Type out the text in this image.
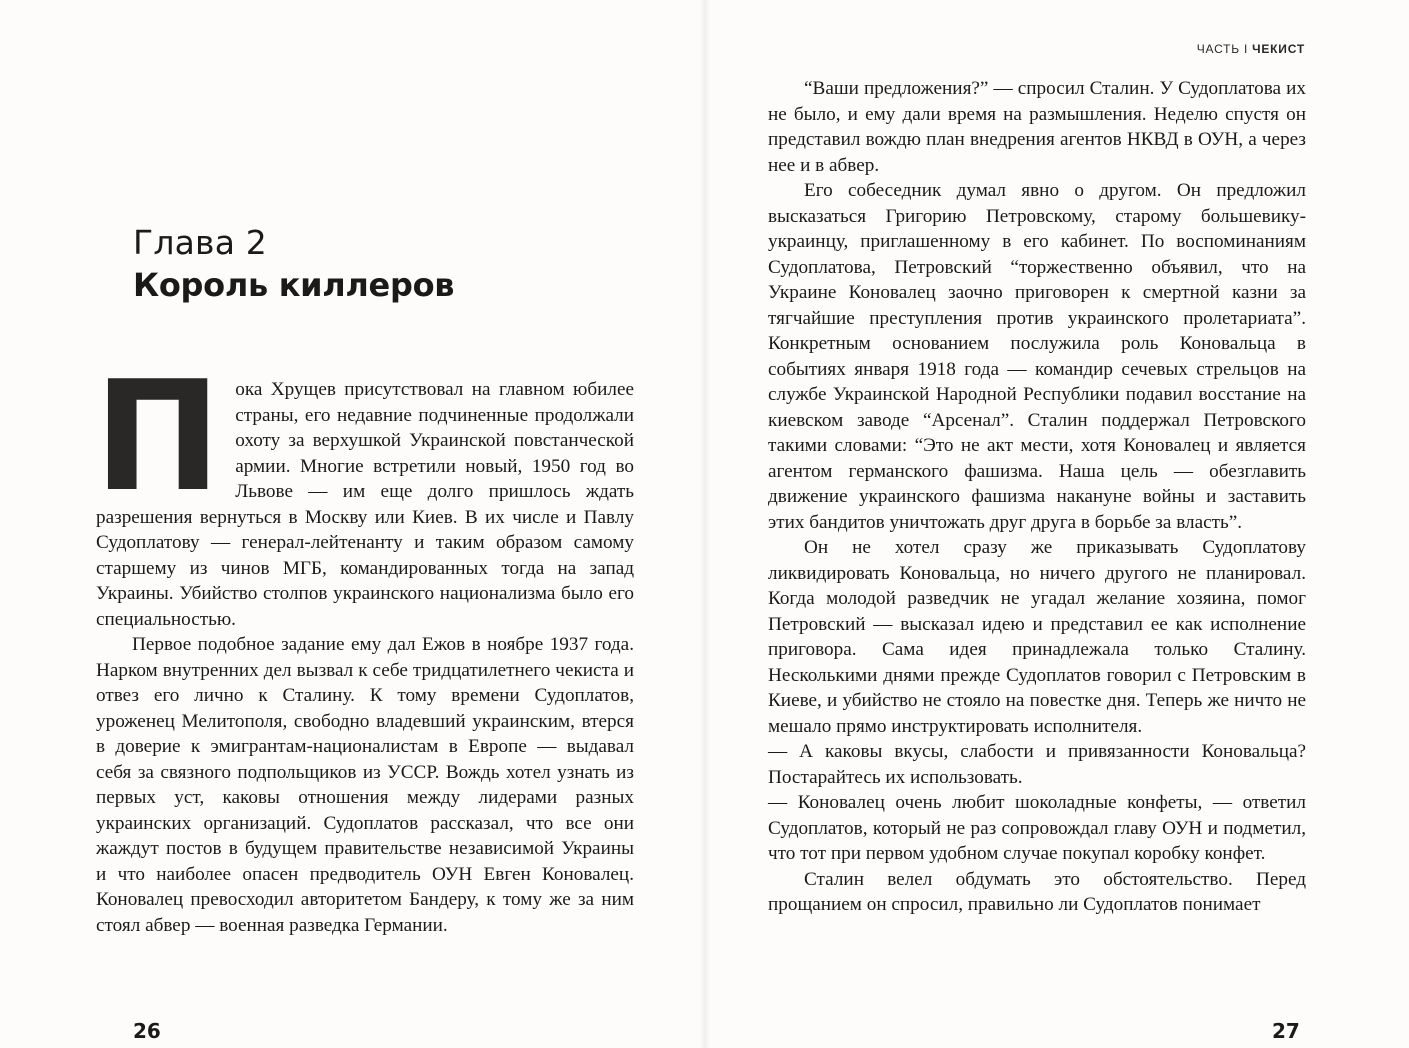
Глава 2
Король киллеров

Пока Хрущев присутствовал на главном юбилее страны, его недавние подчиненные продолжали охоту за верхушкой Украинской повстанческой армии. Многие встретили новый, 1950 год во Львове — им еще долго пришлось ждать разрешения вернуться в Москву или Киев. В их числе и Павлу Судоплатову — генерал-лейтенанту и таким образом самому старшему из чинов МГБ, командированных тогда на запад Украины. Убийство столпов украинского национализма было его специальностью.

Первое подобное задание ему дал Ежов в ноябре 1937 года. Нарком внутренних дел вызвал к себе тридцатилетнего чекиста и отвез его лично к Сталину. К тому времени Судоплатов, уроженец Мелитополя, свободно владевший украинским, втерся в доверие к эмигрантам-националистам в Европе — выдавал себя за связного подпольщиков из УССР. Вождь хотел узнать из первых уст, каковы отношения между лидерами разных украинских организаций. Судоплатов рассказал, что все они жаждут постов в будущем правительстве независимой Украины и что наиболее опасен предводитель ОУН Евген Коновалец. Коновалец превосходил авторитетом Бандеру, к тому же за ним стоял абвер — военная разведка Германии.

26
ЧАСТЬ I ЧЕКИСТ

“Ваши предложения?” — спросил Сталин. У Судоплатова их не было, и ему дали время на размышления. Неделю спустя он представил вождю план внедрения агентов НКВД в ОУН, а через нее и в абвер.

Его собеседник думал явно о другом. Он предложил высказаться Григорию Петровскому, старому большевику-украинцу, приглашенному в его кабинет. По воспоминаниям Судоплатова, Петровский “торжественно объявил, что на Украине Коновалец заочно приговорен к смертной казни за тягчайшие преступления против украинского пролетариата”. Конкретным основанием послужила роль Коновальца в событиях января 1918 года — командир сечевых стрельцов на службе Украинской Народной Республики подавил восстание на киевском заводе “Арсенал”. Сталин поддержал Петровского такими словами: “Это не акт мести, хотя Коновалец и является агентом германского фашизма. Наша цель — обезглавить движение украинского фашизма накануне войны и заставить этих бандитов уничтожать друг друга в борьбе за власть”.

Он не хотел сразу же приказывать Судоплатову ликвидировать Коновальца, но ничего другого не планировал. Когда молодой разведчик не угадал желание хозяина, помог Петровский — высказал идею и представил ее как исполнение приговора. Сама идея принадлежала только Сталину. Несколькими днями прежде Судоплатов говорил с Петровским в Киеве, и убийство не стояло на повестке дня. Теперь же ничто не мешало прямо инструктировать исполнителя.

— А каковы вкусы, слабости и привязанности Коновальца? Постарайтесь их использовать.

— Коновалец очень любит шоколадные конфеты, — ответил Судоплатов, который не раз сопровождал главу ОУН и подметил, что тот при первом удобном случае покупал коробку конфет.

Сталин велел обдумать это обстоятельство. Перед прощанием он спросил, правильно ли Судоплатов понимает

27
